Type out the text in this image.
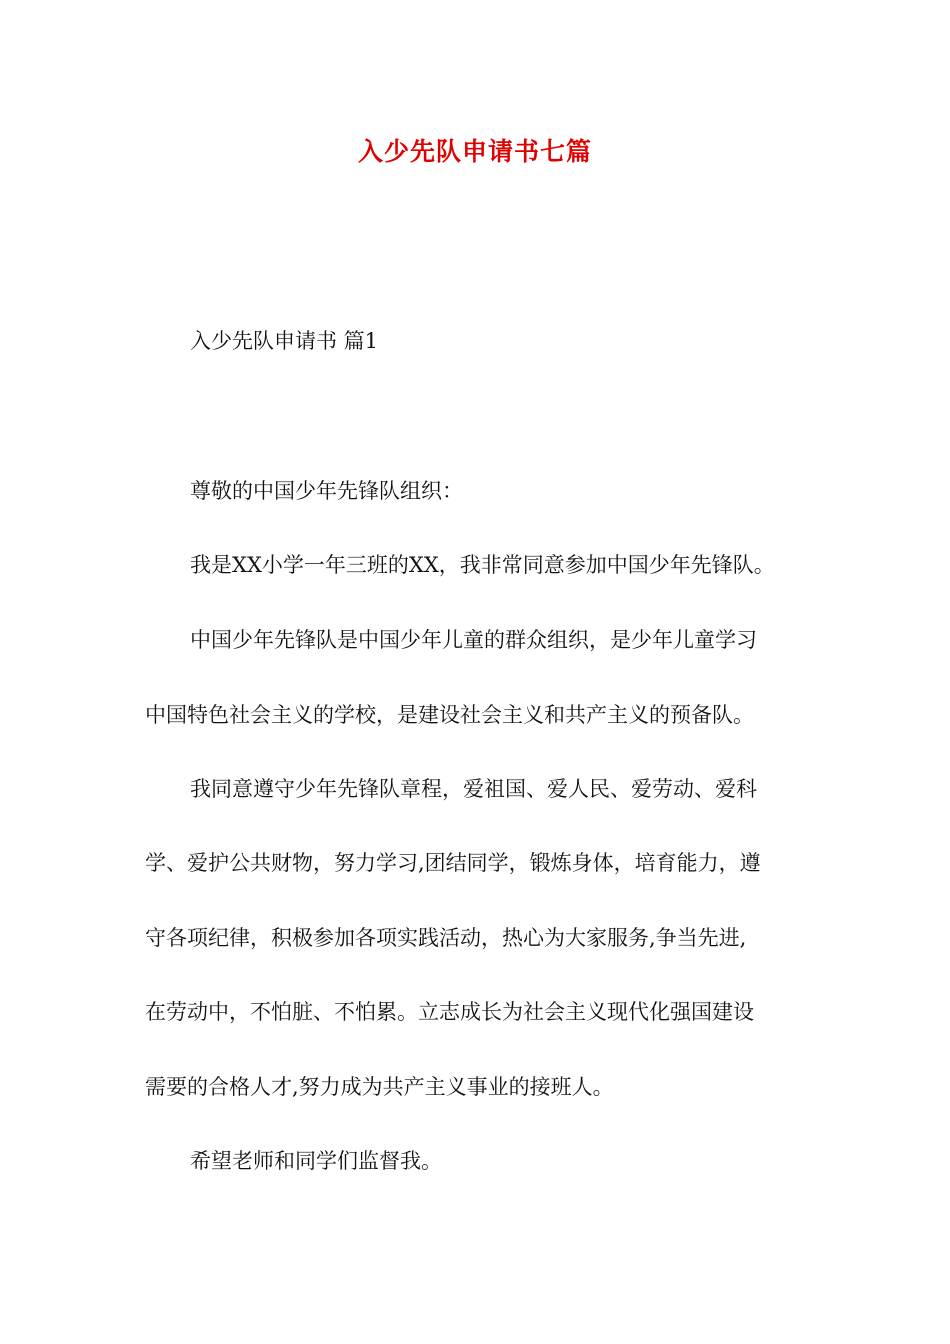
入少先队申请书七篇
入少先队申请书 篇1
尊敬的中国少年先锋队组织：
我是XX小学一年三班的XX，我非常同意参加中国少年先锋队。
中国少年先锋队是中国少年儿童的群众组织，是少年儿童学习
中国特色社会主义的学校，是建设社会主义和共产主义的预备队。
我同意遵守少年先锋队章程，爱祖国、爱人民、爱劳动、爱科
学、爱护公共财物，努力学习,团结同学，锻炼身体，培育能力，遵
守各项纪律，积极参加各项实践活动，热心为大家服务,争当先进,
在劳动中，不怕脏、不怕累。立志成长为社会主义现代化强国建设
需要的合格人才,努力成为共产主义事业的接班人。
希望老师和同学们监督我。
